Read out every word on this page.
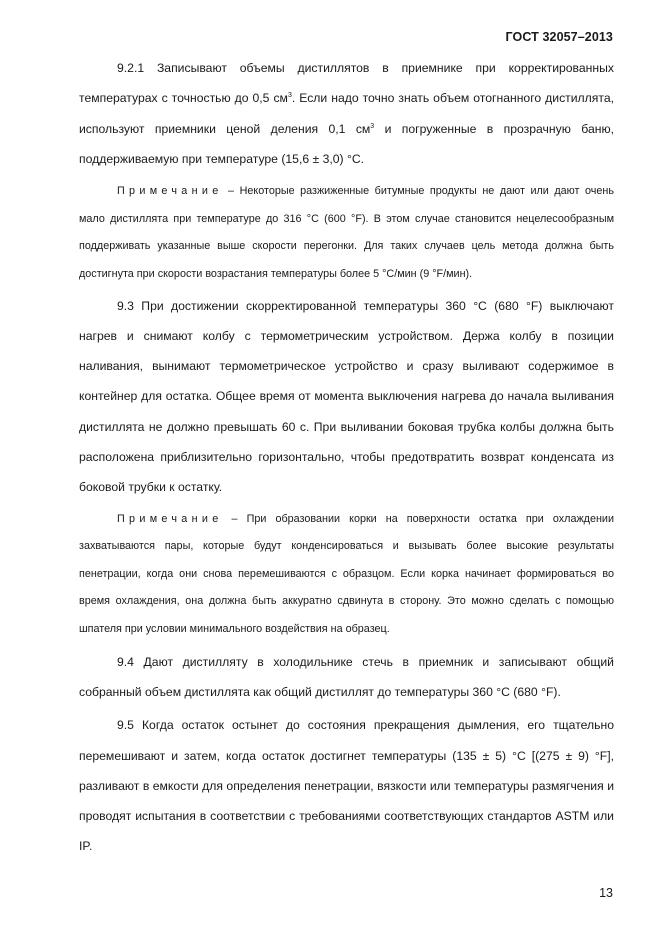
ГОСТ 32057–2013

9.2.1 Записывают объемы дистиллятов в приемнике при корректированных температурах с точностью до 0,5 $см^3$. Если надо точно знать объем отогнанного дистиллята, используют приемники ценой деления 0,1 $см^3$ и погруженные в прозрачную баню, поддерживаемую при температуре (15,6 ± 3,0) °С.

Примечание – Некоторые разжиженные битумные продукты не дают или дают очень мало дистиллята при температуре до 316 °С (600 °F). В этом случае становится нецелесообразным поддерживать указанные выше скорости перегонки. Для таких случаев цель метода должна быть достигнута при скорости возрастания температуры более 5 °С/мин (9 °F/мин).

9.3 При достижении скорректированной температуры 360 °С (680 °F) выключают нагрев и снимают колбу с термометрическим устройством. Держа колбу в позиции наливания, вынимают термометрическое устройство и сразу выливают содержимое в контейнер для остатка. Общее время от момента выключения нагрева до начала выливания дистиллята не должно превышать 60 с. При выливании боковая трубка колбы должна быть расположена приблизительно горизонтально, чтобы предотвратить возврат конденсата из боковой трубки к остатку.

Примечание – При образовании корки на поверхности остатка при охлаждении захватываются пары, которые будут конденсироваться и вызывать более высокие результаты пенетрации, когда они снова перемешиваются с образцом. Если корка начинает формироваться во время охлаждения, она должна быть аккуратно сдвинута в сторону. Это можно сделать с помощью шпателя при условии минимального воздействия на образец.

9.4 Дают дистилляту в холодильнике стечь в приемник и записывают общий собранный объем дистиллята как общий дистиллят до температуры 360 °С (680 °F).

9.5 Когда остаток остынет до состояния прекращения дымления, его тщательно перемешивают и затем, когда остаток достигнет температуры (135 ± 5) °С [(275 ± 9) °F], разливают в емкости для определения пенетрации, вязкости или температуры размягчения и проводят испытания в соответствии с требованиями соответствующих стандартов ASTM или IP.

13
